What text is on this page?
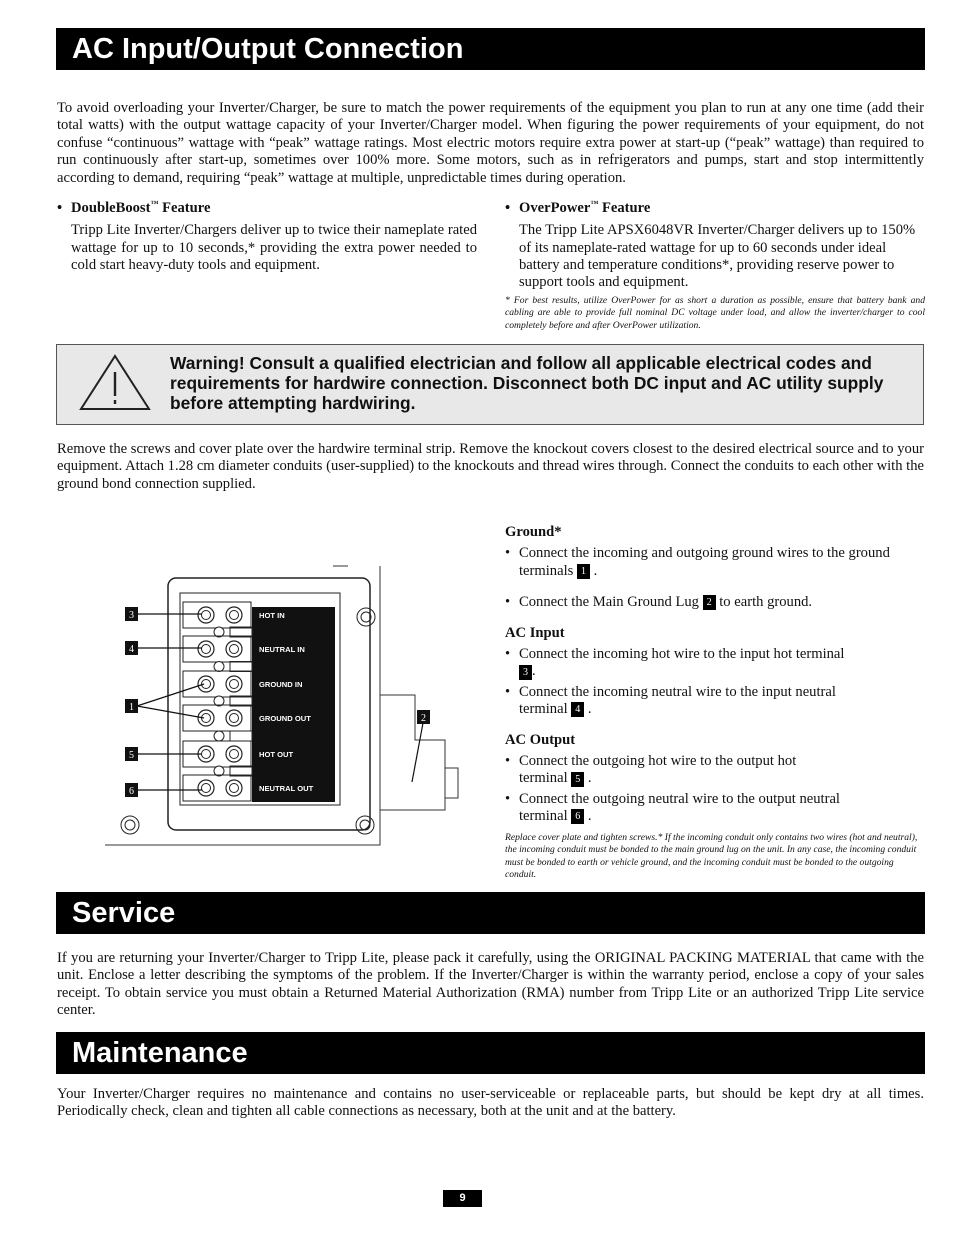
AC Input/Output Connection

To avoid overloading your Inverter/Charger, be sure to match the power requirements of the equipment you plan to run at any one time (add their total watts) with the output wattage capacity of your Inverter/Charger model. When figuring the power requirements of your equipment, do not confuse “continuous” wattage with “peak” wattage ratings. Most electric motors require extra power at start-up (“peak” wattage) than required to run continuously after start-up, sometimes over 100% more. Some motors, such as in refrigerators and pumps, start and stop intermittently according to demand, requiring “peak” wattage at multiple, unpredictable times during operation.

• DoubleBoost™ Feature

Tripp Lite Inverter/Chargers deliver up to twice their nameplate rated wattage for up to 10 seconds,* providing the extra power needed to cold start heavy-duty tools and equipment.

• OverPower™ Feature

The Tripp Lite APSX6048VR Inverter/Charger delivers up to 150% of its nameplate-rated wattage for up to 60 seconds under ideal battery and temperature conditions*, providing reserve power to support tools and equipment.

* For best results, utilize OverPower for as short a duration as possible, ensure that battery bank and cabling are able to provide full nominal DC voltage under load, and allow the inverter/charger to cool completely before and after OverPower utilization.

Warning! Consult a qualified electrician and follow all applicable electrical codes and requirements for hardwire connection. Disconnect both DC input and AC utility supply before attempting hardwiring.

Remove the screws and cover plate over the hardwire terminal strip. Remove the knockout covers closest to the desired electrical source and to your equipment. Attach 1.28 cm diameter conduits (user-supplied) to the knockouts and thread wires through. Connect the conduits to each other with the ground bond connection supplied.

HOT IN
NEUTRAL IN
GROUND IN
GROUND OUT
HOT OUT
NEUTRAL OUT
3
4
1
5
6
2

Ground*

• Connect the incoming and outgoing ground wires to the ground terminals 1 .

• Connect the Main Ground Lug 2 to earth ground.

AC Input

• Connect the incoming hot wire to the input hot terminal 3 .

• Connect the incoming neutral wire to the input neutral terminal 4 .

AC Output

• Connect the outgoing hot wire to the output hot terminal 5 .

• Connect the outgoing neutral wire to the output neutral terminal 6 .

Replace cover plate and tighten screws.* If the incoming conduit only contains two wires (hot and neutral), the incoming conduit must be bonded to the main ground lug on the unit. In any case, the incoming conduit must be bonded to earth or vehicle ground, and the incoming conduit must be bonded to the outgoing conduit.

Service

If you are returning your Inverter/Charger to Tripp Lite, please pack it carefully, using the ORIGINAL PACKING MATERIAL that came with the unit. Enclose a letter describing the symptoms of the problem. If the Inverter/Charger is within the warranty period, enclose a copy of your sales receipt. To obtain service you must obtain a Returned Material Authorization (RMA) number from Tripp Lite or an authorized Tripp Lite service center.

Maintenance

Your Inverter/Charger requires no maintenance and contains no user-serviceable or replaceable parts, but should be kept dry at all times. Periodically check, clean and tighten all cable connections as necessary, both at the unit and at the battery.

9
